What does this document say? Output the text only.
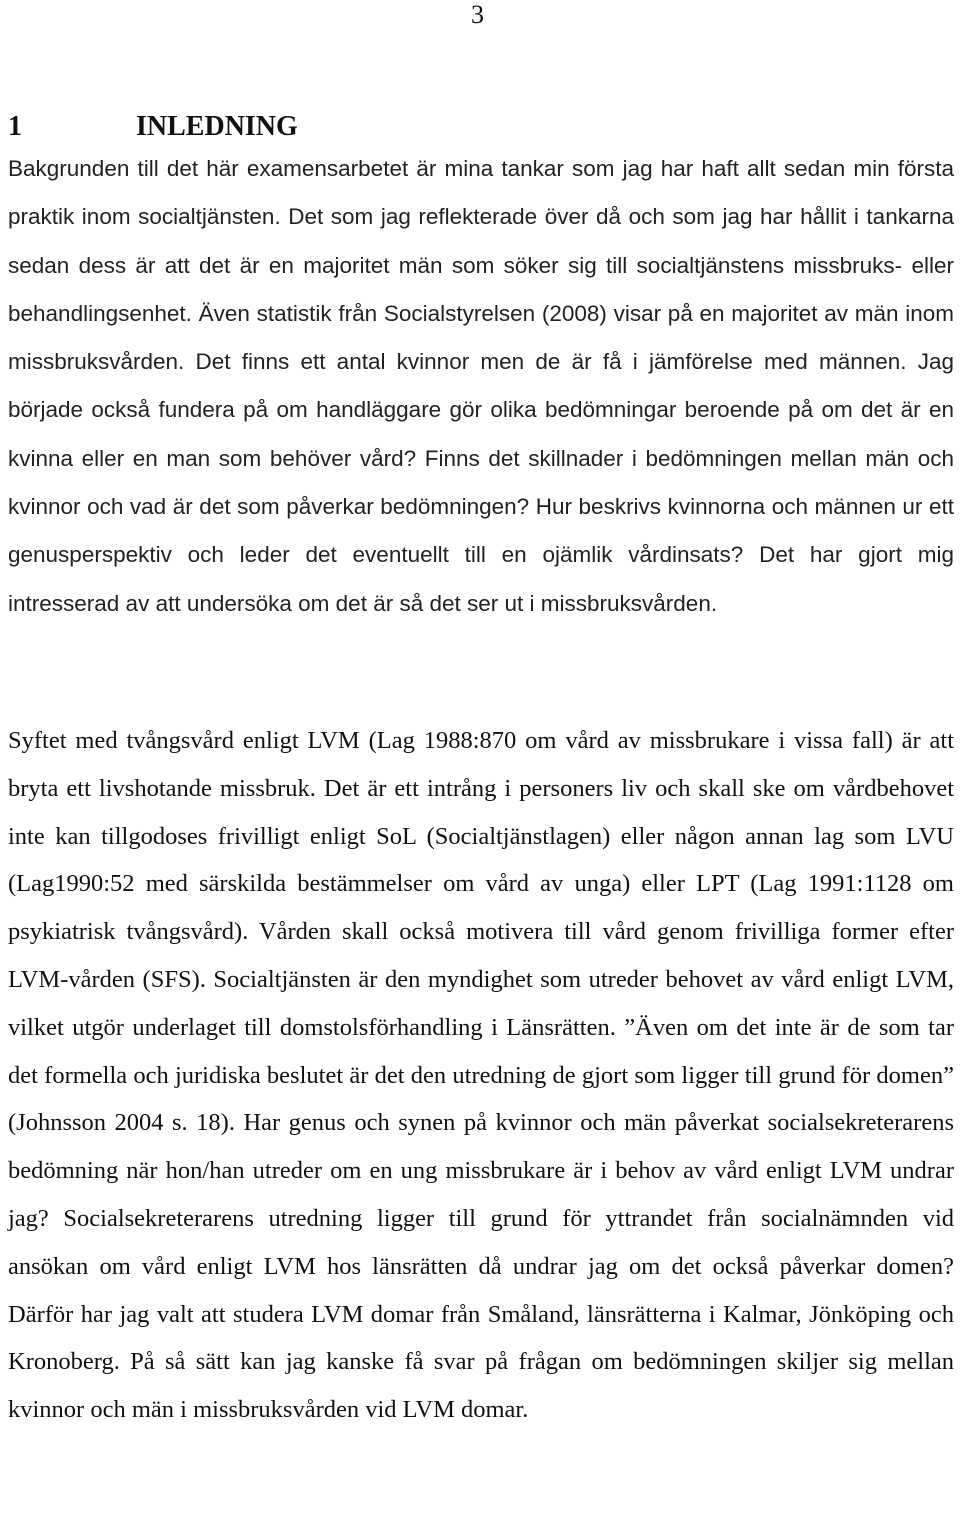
3
1	INLEDNING

Bakgrunden till det här examensarbetet är mina tankar som jag har haft allt sedan min första praktik inom socialtjänsten. Det som jag reflekterade över då och som jag har hållit i tankarna sedan dess är att det är en majoritet män som söker sig till socialtjänstens missbruks- eller behandlingsenhet. Även statistik från Socialstyrelsen (2008) visar på en majoritet av män inom missbruksvården. Det finns ett antal kvinnor men de är få i jämförelse med männen. Jag började också fundera på om handläggare gör olika bedömningar beroende på om det är en kvinna eller en man som behöver vård? Finns det skillnader i bedömningen mellan män och kvinnor och vad är det som påverkar bedömningen? Hur beskrivs kvinnorna och männen ur ett genusperspektiv och leder det eventuellt till en ojämlik vårdinsats? Det har gjort mig intresserad av att undersöka om det är så det ser ut i missbruksvården.

Syftet med tvångsvård enligt LVM (Lag 1988:870 om vård av missbrukare i vissa fall) är att bryta ett livshotande missbruk. Det är ett intrång i personers liv och skall ske om vårdbehovet inte kan tillgodoses frivilligt enligt SoL (Socialtjänstlagen) eller någon annan lag som LVU (Lag1990:52 med särskilda bestämmelser om vård av unga) eller LPT (Lag 1991:1128 om psykiatrisk tvångsvård). Vården skall också motivera till vård genom frivilliga former efter LVM-vården (SFS). Socialtjänsten är den myndighet som utreder behovet av vård enligt LVM, vilket utgör underlaget till domstolsförhandling i Länsrätten. ”Även om det inte är de som tar det formella och juridiska beslutet är det den utredning de gjort som ligger till grund för domen” (Johnsson 2004 s. 18). Har genus och synen på kvinnor och män påverkat socialsekreterarens bedömning när hon/han utreder om en ung missbrukare är i behov av vård enligt LVM undrar jag? Socialsekreterarens utredning ligger till grund för yttrandet från socialnämnden vid ansökan om vård enligt LVM hos länsrätten då undrar jag om det också påverkar domen? Därför har jag valt att studera LVM domar från Småland, länsrätterna i Kalmar, Jönköping och Kronoberg. På så sätt kan jag kanske få svar på frågan om bedömningen skiljer sig mellan kvinnor och män i missbruksvården vid LVM domar.
